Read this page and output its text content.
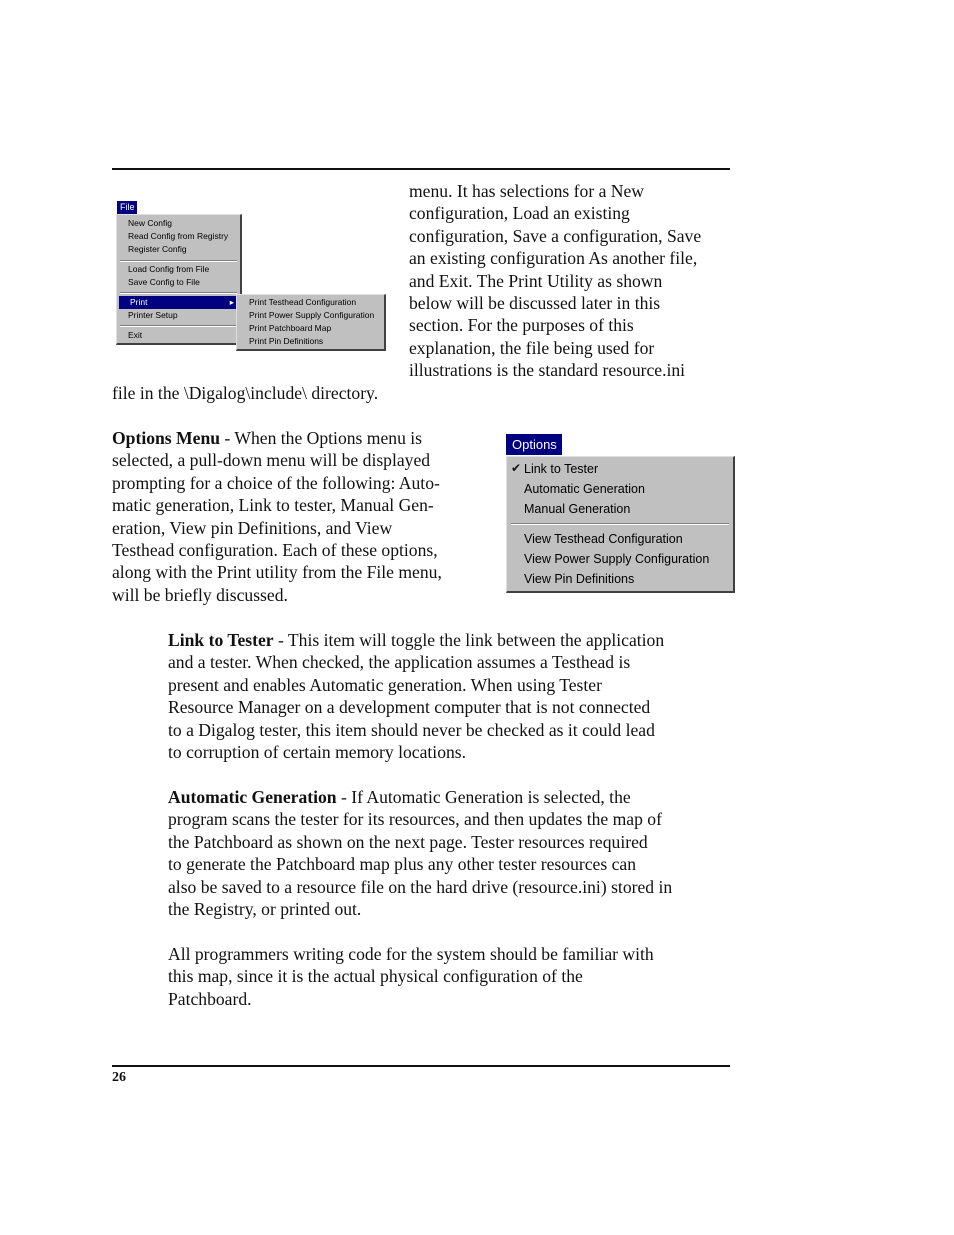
File
New Config
Read Config from Registry
Register Config
Load Config from File
Save Config to File
Print	▸
Printer Setup
Exit
Print Testhead Configuration
Print Power Supply Configuration
Print Patchboard Map
Print Pin Definitions
menu. It has selections for a New
configuration, Load an existing
configuration, Save a configuration, Save
an existing configuration As another file,
and Exit. The Print Utility as shown
below will be discussed later in this
section. For the purposes of this
explanation, the file being used for
illustrations is the standard resource.ini
file in the \Digalog\include\ directory.
Options Menu - When the Options menu is
selected, a pull-down menu will be displayed
prompting for a choice of the following: Auto-
matic generation, Link to tester, Manual Gen-
eration, View pin Definitions, and View
Testhead configuration. Each of these options,
along with the Print utility from the File menu,
will be briefly discussed.
Options
✔ Link to Tester
Automatic Generation
Manual Generation
View Testhead Configuration
View Power Supply Configuration
View Pin Definitions
Link to Tester - This item will toggle the link between the application
and a tester. When checked, the application assumes a Testhead is
present and enables Automatic generation. When using Tester
Resource Manager on a development computer that is not connected
to a Digalog tester, this item should never be checked as it could lead
to corruption of certain memory locations.
Automatic Generation - If Automatic Generation is selected, the
program scans the tester for its resources, and then updates the map of
the Patchboard as shown on the next page. Tester resources required
to generate the Patchboard map plus any other tester resources can
also be saved to a resource file on the hard drive (resource.ini) stored in
the Registry, or printed out.
All programmers writing code for the system should be familiar with
this map, since it is the actual physical configuration of the
Patchboard.
26
